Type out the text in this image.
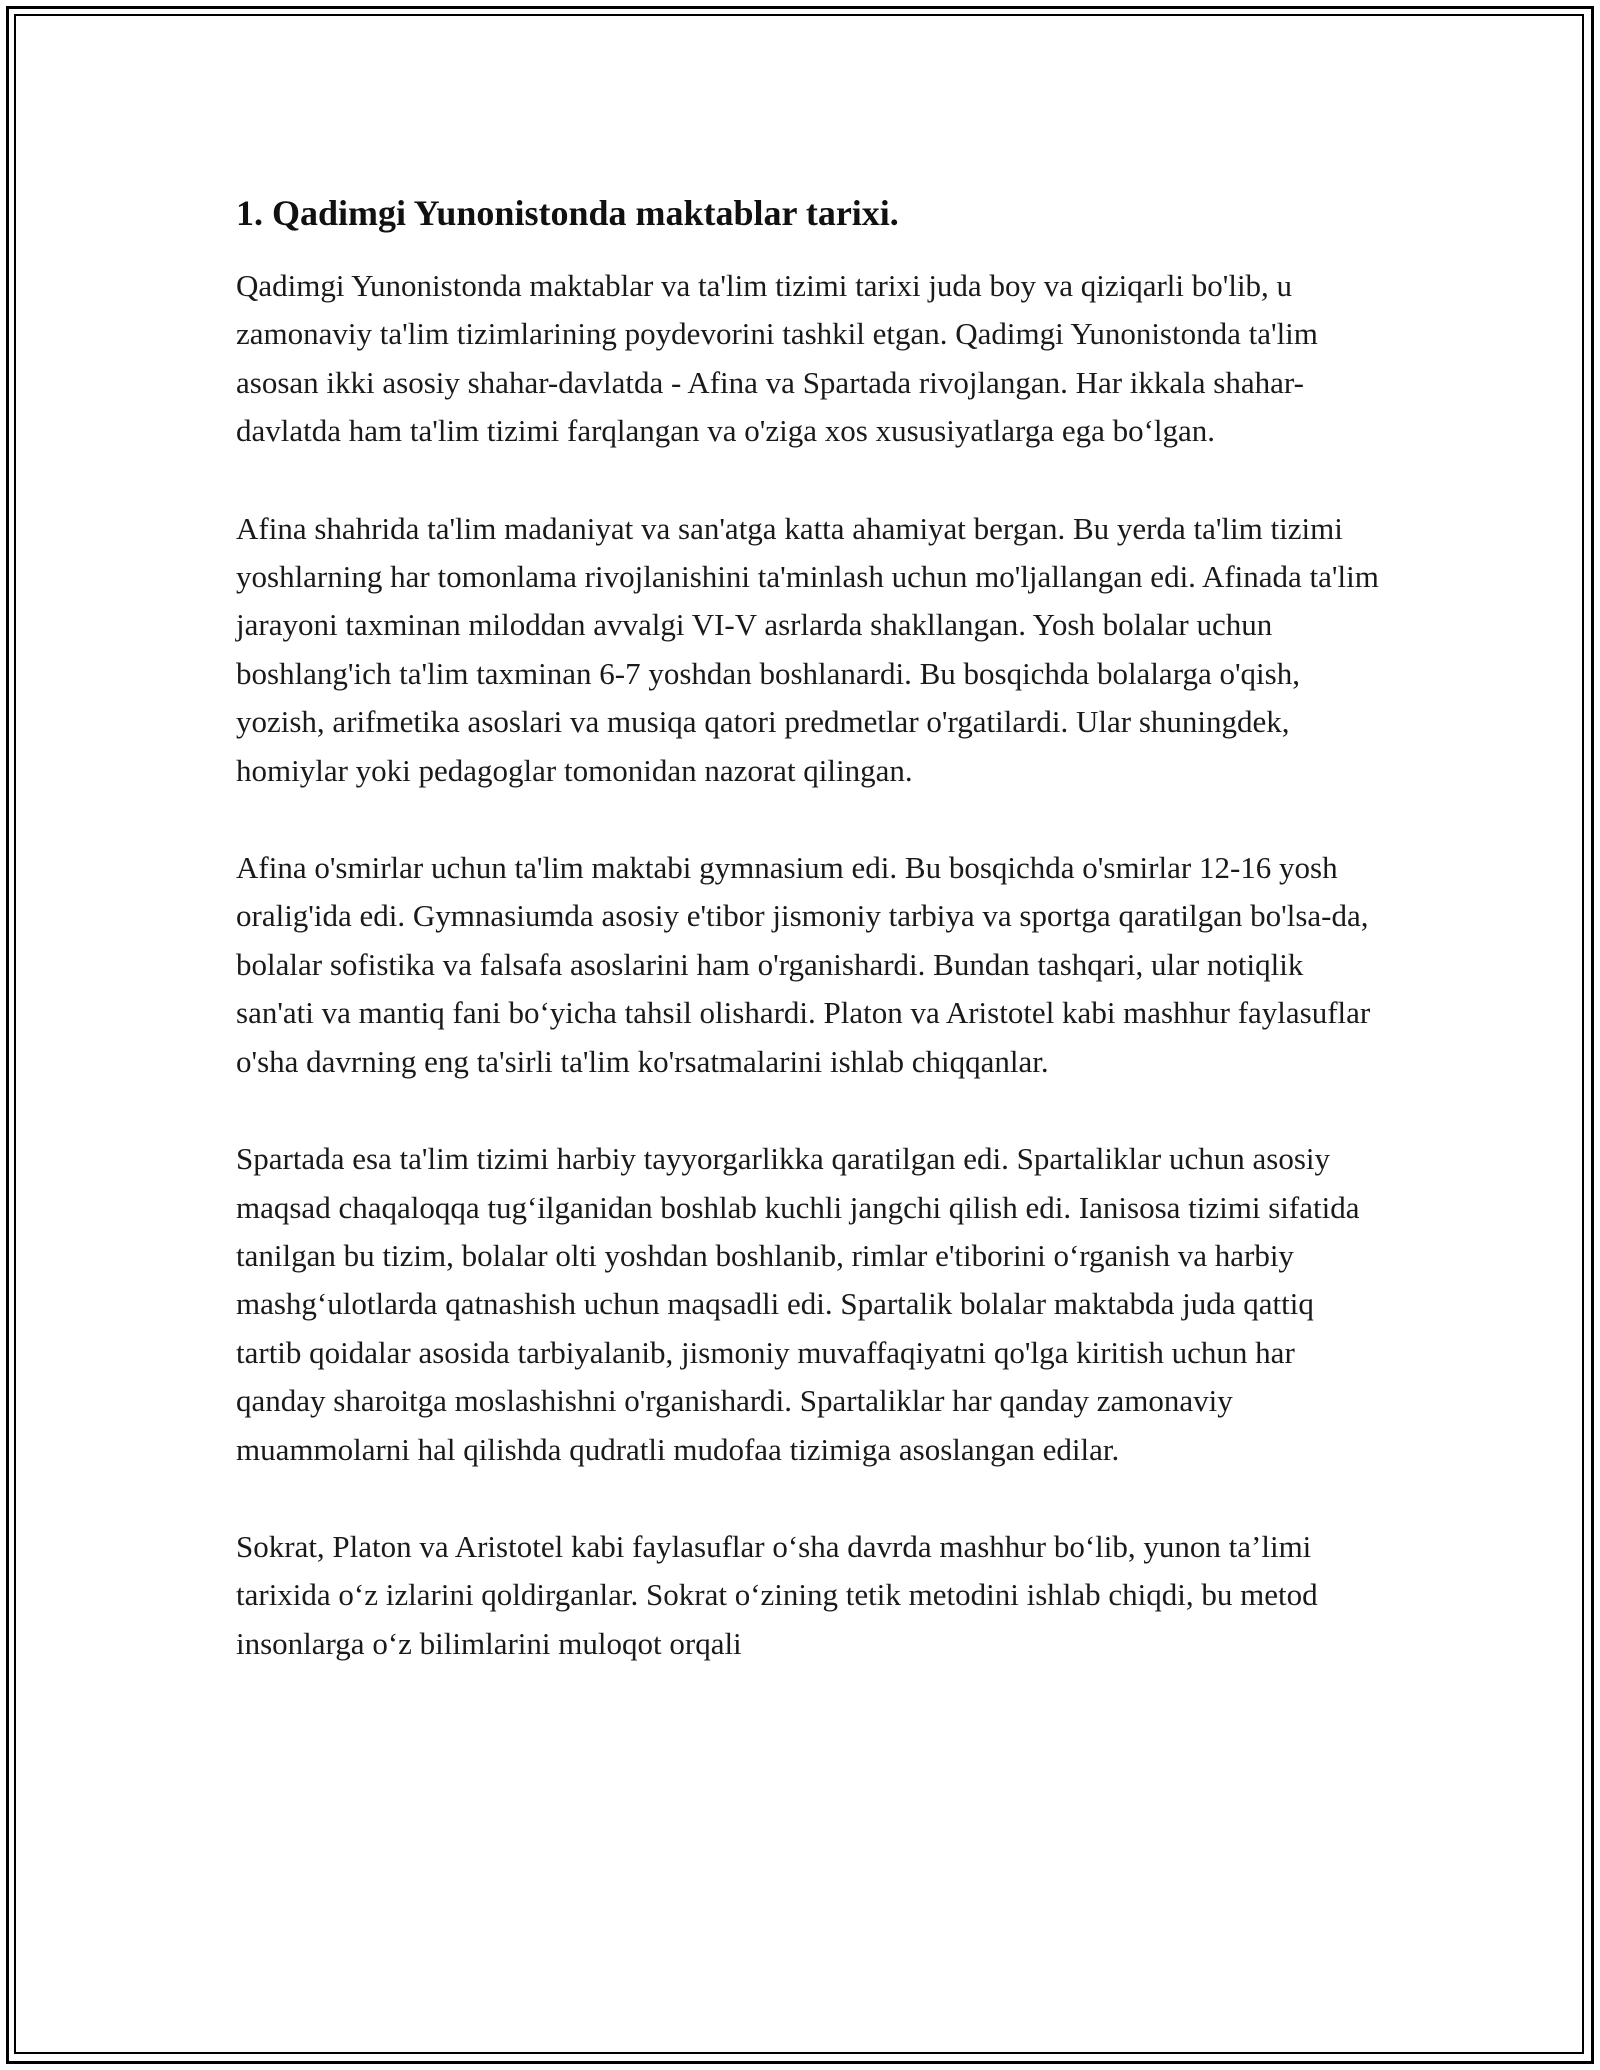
1. Qadimgi Yunonistonda maktablar tarixi.

Qadimgi Yunonistonda maktablar va ta'lim tizimi tarixi juda boy va qiziqarli bo'lib, u zamonaviy ta'lim tizimlarining poydevorini tashkil etgan. Qadimgi Yunonistonda ta'lim asosan ikki asosiy shahar-davlatda - Afina va Spartada rivojlangan. Har ikkala shahar-davlatda ham ta'lim tizimi farqlangan va o'ziga xos xususiyatlarga ega bo‘lgan.

Afina shahrida ta'lim madaniyat va san'atga katta ahamiyat bergan. Bu yerda ta'lim tizimi yoshlarning har tomonlama rivojlanishini ta'minlash uchun mo'ljallangan edi. Afinada ta'lim jarayoni taxminan miloddan avvalgi VI-V asrlarda shakllangan. Yosh bolalar uchun boshlang'ich ta'lim taxminan 6-7 yoshdan boshlanardi. Bu bosqichda bolalarga o'qish, yozish, arifmetika asoslari va musiqa qatori predmetlar o'rgatilardi. Ular shuningdek, homiylar yoki pedagoglar tomonidan nazorat qilingan.

Afina o'smirlar uchun ta'lim maktabi gymnasium edi. Bu bosqichda o'smirlar 12-16 yosh oralig'ida edi. Gymnasiumda asosiy e'tibor jismoniy tarbiya va sportga qaratilgan bo'lsa-da, bolalar sofistika va falsafa asoslarini ham o'rganishardi. Bundan tashqari, ular notiqlik san'ati va mantiq fani bo‘yicha tahsil olishardi. Platon va Aristotel kabi mashhur faylasuflar o'sha davrning eng ta'sirli ta'lim ko'rsatmalarini ishlab chiqqanlar.

Spartada esa ta'lim tizimi harbiy tayyorgarlikka qaratilgan edi. Spartaliklar uchun asosiy maqsad chaqaloqqa tug‘ilganidan boshlab kuchli jangchi qilish edi. Ianisosa tizimi sifatida tanilgan bu tizim, bolalar olti yoshdan boshlanib, rimlar e'tiborini o‘rganish va harbiy mashg‘ulotlarda qatnashish uchun maqsadli edi. Spartalik bolalar maktabda juda qattiq tartib qoidalar asosida tarbiyalanib, jismoniy muvaffaqiyatni qo'lga kiritish uchun har qanday sharoitga moslashishni o'rganishardi. Spartaliklar har qanday zamonaviy muammolarni hal qilishda qudratli mudofaa tizimiga asoslangan edilar.

Sokrat, Platon va Aristotel kabi faylasuflar o‘sha davrda mashhur bo‘lib, yunon ta’limi tarixida o‘z izlarini qoldirganlar. Sokrat o‘zining tetik metodini ishlab chiqdi, bu metod insonlarga o‘z bilimlarini muloqot orqali
